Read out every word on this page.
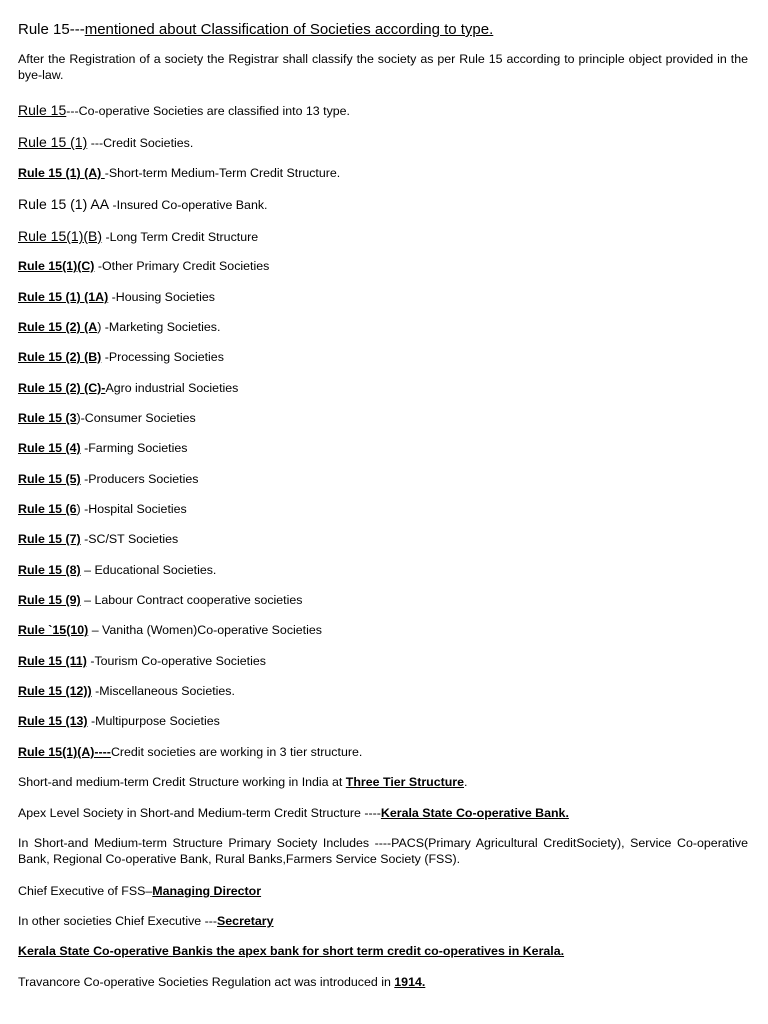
Rule 15---mentioned about Classification of Societies according to type.
After the Registration of a society the Registrar shall classify the society as per Rule 15 according to principle object provided in the bye-law.
Rule 15---Co-operative Societies are classified into 13 type.
Rule 15 (1) ---Credit Societies.
Rule 15 (1) (A) -Short-term Medium-Term Credit Structure.
Rule 15 (1) AA -Insured Co-operative Bank.
Rule 15(1)(B) -Long Term Credit Structure
Rule 15(1)(C) -Other Primary Credit Societies
Rule 15 (1) (1A) -Housing Societies
Rule 15 (2) (A) -Marketing Societies.
Rule 15 (2) (B) -Processing Societies
Rule 15 (2) (C)-Agro industrial Societies
Rule 15 (3)-Consumer Societies
Rule 15 (4) -Farming Societies
Rule 15 (5) -Producers Societies
Rule 15 (6) -Hospital Societies
Rule 15 (7) -SC/ST Societies
Rule 15 (8) – Educational Societies.
Rule 15 (9) – Labour Contract cooperative societies
Rule `15(10) – Vanitha (Women)Co-operative Societies
Rule 15 (11) -Tourism Co-operative Societies
Rule 15 (12)) -Miscellaneous Societies.
Rule 15 (13) -Multipurpose Societies
Rule 15(1)(A)----Credit societies are working in 3 tier structure.
Short-and medium-term Credit Structure working in India at Three Tier Structure.
Apex Level Society in Short-and Medium-term Credit Structure ----Kerala State Co-operative Bank.
In Short-and Medium-term Structure Primary Society Includes ----PACS(Primary Agricultural CreditSociety), Service Co-operative Bank, Regional Co-operative Bank, Rural Banks,Farmers Service Society (FSS).
Chief Executive of FSS–Managing Director
In other societies Chief Executive ---Secretary
Kerala State Co-operative Bankis the apex bank for short term credit co-operatives in Kerala.
Travancore Co-operative Societies Regulation act was introduced in 1914.
